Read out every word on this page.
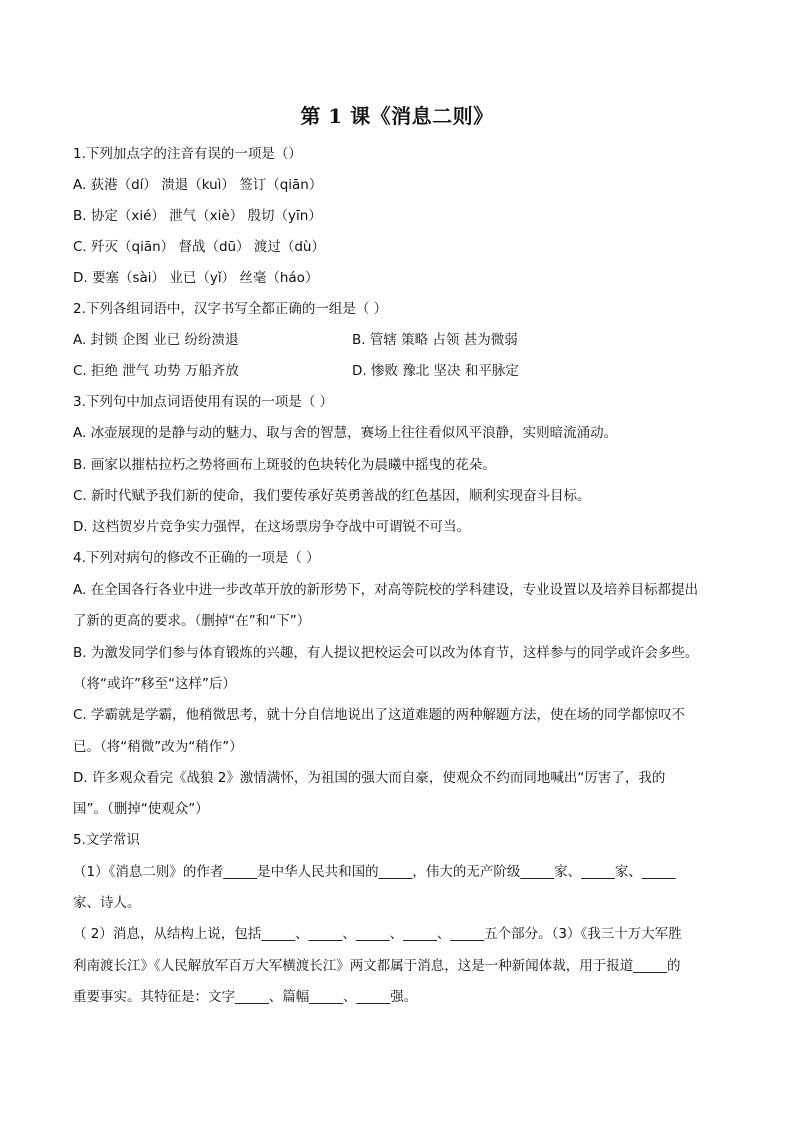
第 1 课《消息二则》
1.下列加点字的注音有误的一项是（）
A. 荻港（dí） 溃退（kuì） 签订（qiān）
B. 协定（xié） 泄气（xiè） 殷切（yīn）
C. 歼灭（qiān） 督战（dū） 渡过（dù）
D. 要塞（sài） 业已（yǐ） 丝毫（háo）
2.下列各组词语中，汉字书写全都正确的一组是（ ）
A. 封锁 企图 业已 纷纷溃退	B. 管辖 策略 占领 甚为微弱
C. 拒绝 泄气 功势 万船齐放	D. 惨败 豫北 坚决 和平脉定
3.下列句中加点词语使用有误的一项是（ ）
A. 冰壶展现的是静与动的魅力、取与舍的智慧，赛场上往往看似风平浪静，实则暗流涌动。
B. 画家以摧枯拉朽之势将画布上斑驳的色块转化为晨曦中摇曳的花朵。
C. 新时代赋予我们新的使命，我们要传承好英勇善战的红色基因，顺利实现奋斗目标。
D. 这档贺岁片竞争实力强悍，在这场票房争夺战中可谓锐不可当。
4.下列对病句的修改不正确的一项是（ ）
A. 在全国各行各业中进一步改革开放的新形势下，对高等院校的学科建设，专业设置以及培养目标都提出
了新的更高的要求。（删掉“在”和“下”）
B. 为激发同学们参与体育锻炼的兴趣，有人提议把校运会可以改为体育节，这样参与的同学或许会多些。
（将“或许”移至“这样”后）
C. 学霸就是学霸，他稍微思考，就十分自信地说出了这道难题的两种解题方法，使在场的同学都惊叹不
已。（将“稍微”改为“稍作”）
D. 许多观众看完《战狼 2》激情满怀，为祖国的强大而自豪，使观众不约而同地喊出“厉害了，我的
国”。（删掉“使观众”）
5.文学常识
（1）《消息二则》的作者_____是中华人民共和国的_____，伟大的无产阶级_____家、_____家、_____
家、诗人。
（ 2）消息，从结构上说，包括_____、_____、_____、_____、_____五个部分。（3）《我三十万大军胜
利南渡长江》《人民解放军百万大军横渡长江》两文都属于消息，这是一种新闻体裁，用于报道_____的
重要事实。其特征是：文字_____、篇幅_____、_____强。
